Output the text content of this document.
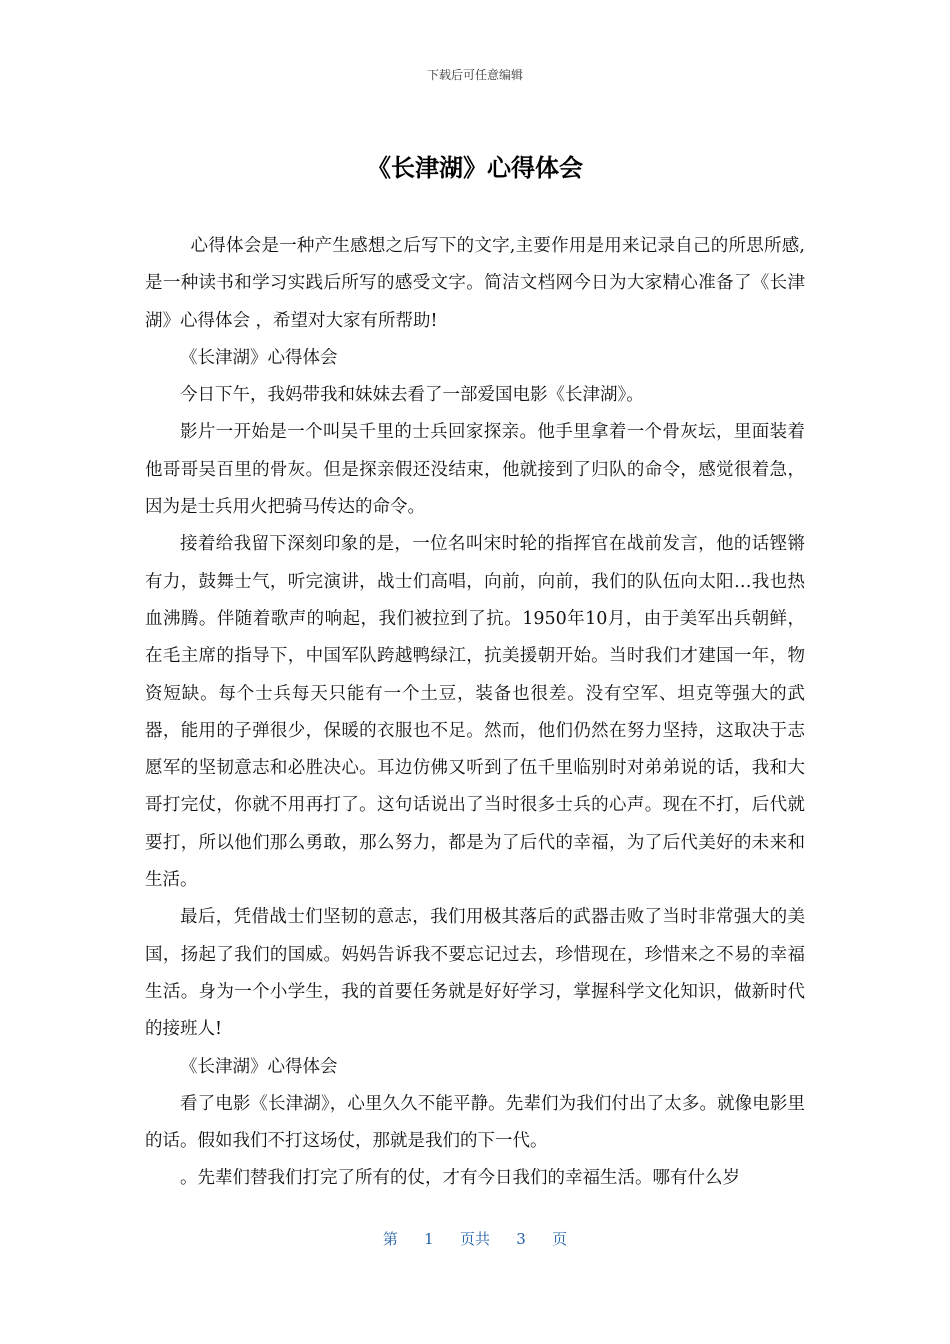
下载后可任意编辑
《长津湖》心得体会

心得体会是一种产生感想之后写下的文字,主要作用是用来记录自己的所思所感,是一种读书和学习实践后所写的感受文字。简洁文档网今日为大家精心准备了《长津湖》心得体会 ，希望对大家有所帮助!

《长津湖》心得体会

今日下午，我妈带我和妹妹去看了一部爱国电影《长津湖》。

影片一开始是一个叫吴千里的士兵回家探亲。他手里拿着一个骨灰坛，里面装着他哥哥吴百里的骨灰。但是探亲假还没结束，他就接到了归队的命令，感觉很着急，因为是士兵用火把骑马传达的命令。

接着给我留下深刻印象的是，一位名叫宋时轮的指挥官在战前发言，他的话铿锵有力，鼓舞士气，听完演讲，战士们高唱，向前，向前，我们的队伍向太阳…我也热血沸腾。伴随着歌声的响起，我们被拉到了抗。1950年10月，由于美军出兵朝鲜，在毛主席的指导下，中国军队跨越鸭绿江，抗美援朝开始。当时我们才建国一年，物资短缺。每个士兵每天只能有一个土豆，装备也很差。没有空军、坦克等强大的武器，能用的子弹很少，保暖的衣服也不足。然而，他们仍然在努力坚持，这取决于志愿军的坚韧意志和必胜决心。耳边仿佛又听到了伍千里临别时对弟弟说的话，我和大哥打完仗，你就不用再打了。这句话说出了当时很多士兵的心声。现在不打，后代就要打，所以他们那么勇敢，那么努力，都是为了后代的幸福，为了后代美好的未来和生活。

最后，凭借战士们坚韧的意志，我们用极其落后的武器击败了当时非常强大的美国，扬起了我们的国威。妈妈告诉我不要忘记过去，珍惜现在，珍惜来之不易的幸福生活。身为一个小学生，我的首要任务就是好好学习，掌握科学文化知识，做新时代的接班人!

《长津湖》心得体会

看了电影《长津湖》，心里久久不能平静。先辈们为我们付出了太多。就像电影里的话。假如我们不打这场仗，那就是我们的下一代。

。先辈们替我们打完了所有的仗，才有今日我们的幸福生活。哪有什么岁

第 1 页共 3 页
